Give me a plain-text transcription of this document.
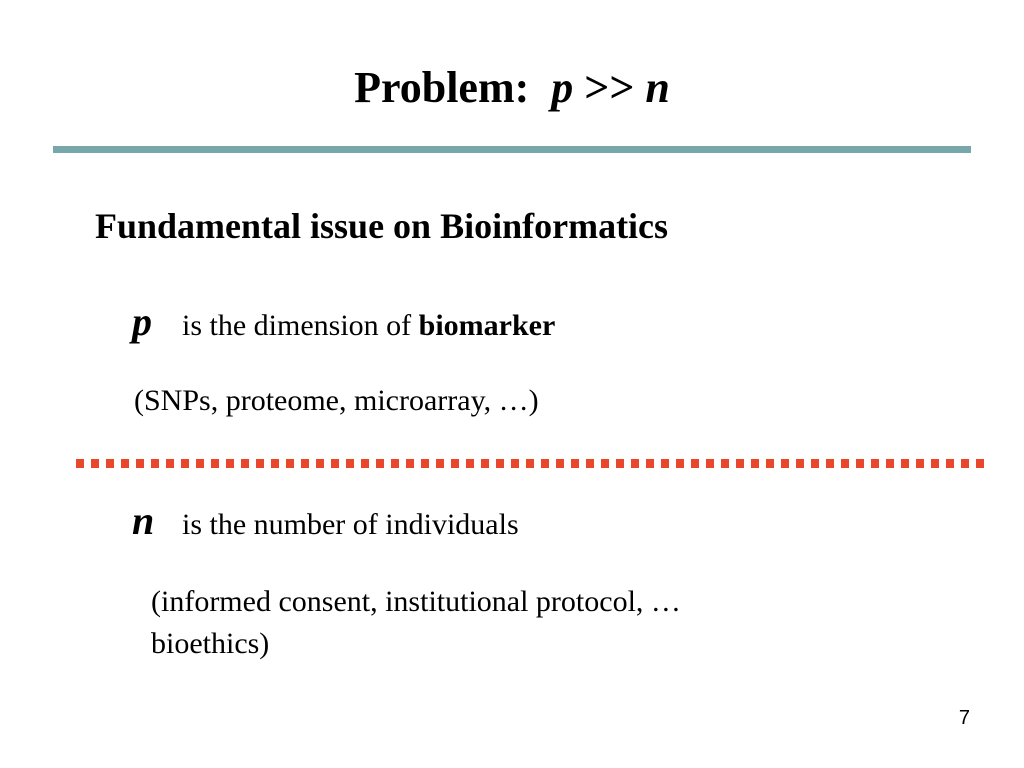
Problem: p >> n
Fundamental issue on Bioinformatics
p is the dimension of biomarker
(SNPs, proteome, microarray, …)
n is the number of individuals
(informed consent, institutional protocol, …
bioethics)
7
